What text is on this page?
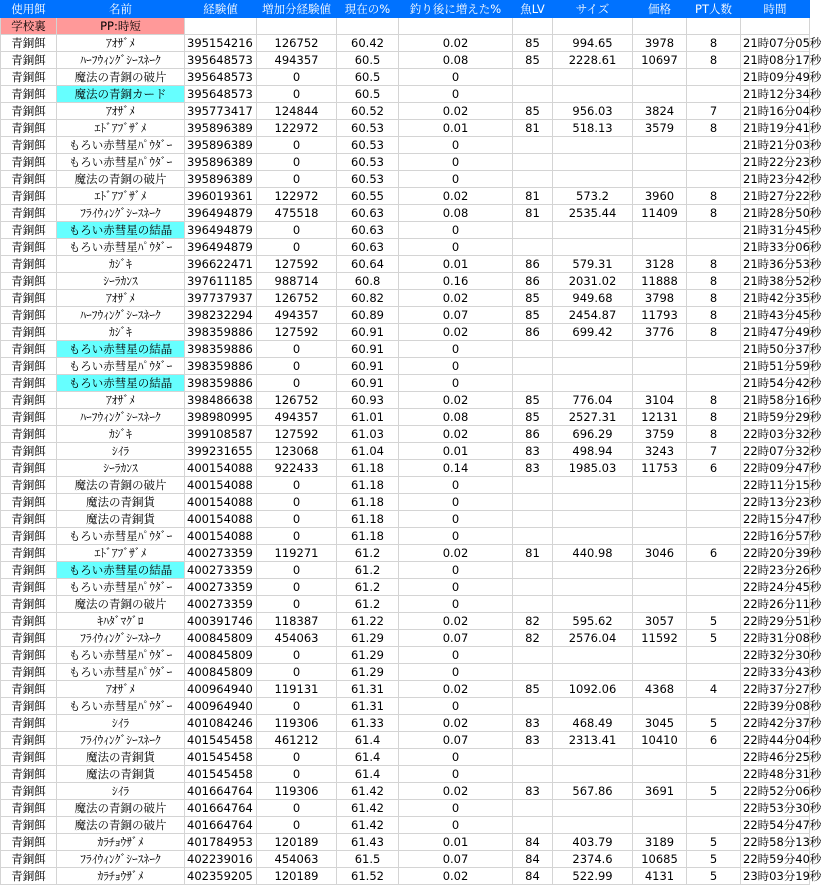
使用餌	名前	経験値	増加分経験値	現在の%	釣り後に増えた%	魚LV	サイズ	価格	PT人数	時間
学校裏	PP:時短									
青銅餌	ｱｵｻﾞﾒ	395154216	126752	60.42	0.02	85	994.65	3978	8	21時07分05秒
青銅餌	ﾊｰﾌｳｨﾝｸﾞｼｰｽﾈｰｸ	395648573	494357	60.5	0.08	85	2228.61	10697	8	21時08分17秒
青銅餌	魔法の青銅の破片	395648573	0	60.5	0					21時09分49秒
青銅餌	魔法の青銅カード	395648573	0	60.5	0					21時12分34秒
青銅餌	ｱｵｻﾞﾒ	395773417	124844	60.52	0.02	85	956.03	3824	7	21時16分04秒
青銅餌	ｴﾄﾞｱﾌﾞｻﾞﾒ	395896389	122972	60.53	0.01	81	518.13	3579	8	21時19分41秒
青銅餌	もろい赤彗星ﾊﾟｳﾀﾞｰ	395896389	0	60.53	0					21時21分03秒
青銅餌	もろい赤彗星ﾊﾟｳﾀﾞｰ	395896389	0	60.53	0					21時22分23秒
青銅餌	魔法の青銅の破片	395896389	0	60.53	0					21時23分42秒
青銅餌	ｴﾄﾞｱﾌﾞｻﾞﾒ	396019361	122972	60.55	0.02	81	573.2	3960	8	21時27分22秒
青銅餌	ﾌﾗｲｳｨﾝｸﾞｼｰｽﾈｰｸ	396494879	475518	60.63	0.08	81	2535.44	11409	8	21時28分50秒
青銅餌	もろい赤彗星の結晶	396494879	0	60.63	0					21時31分45秒
青銅餌	もろい赤彗星ﾊﾟｳﾀﾞｰ	396494879	0	60.63	0					21時33分06秒
青銅餌	ｶｼﾞｷ	396622471	127592	60.64	0.01	86	579.31	3128	8	21時36分53秒
青銅餌	ｼｰﾗｶﾝｽ	397611185	988714	60.8	0.16	86	2031.02	11888	8	21時38分52秒
青銅餌	ｱｵｻﾞﾒ	397737937	126752	60.82	0.02	85	949.68	3798	8	21時42分35秒
青銅餌	ﾊｰﾌｳｨﾝｸﾞｼｰｽﾈｰｸ	398232294	494357	60.89	0.07	85	2454.87	11793	8	21時43分45秒
青銅餌	ｶｼﾞｷ	398359886	127592	60.91	0.02	86	699.42	3776	8	21時47分49秒
青銅餌	もろい赤彗星の結晶	398359886	0	60.91	0					21時50分37秒
青銅餌	もろい赤彗星ﾊﾟｳﾀﾞｰ	398359886	0	60.91	0					21時51分59秒
青銅餌	もろい赤彗星の結晶	398359886	0	60.91	0					21時54分42秒
青銅餌	ｱｵｻﾞﾒ	398486638	126752	60.93	0.02	85	776.04	3104	8	21時58分16秒
青銅餌	ﾊｰﾌｳｨﾝｸﾞｼｰｽﾈｰｸ	398980995	494357	61.01	0.08	85	2527.31	12131	8	21時59分29秒
青銅餌	ｶｼﾞｷ	399108587	127592	61.03	0.02	86	696.29	3759	8	22時03分32秒
青銅餌	ｼｲﾗ	399231655	123068	61.04	0.01	83	498.94	3243	7	22時07分32秒
青銅餌	ｼｰﾗｶﾝｽ	400154088	922433	61.18	0.14	83	1985.03	11753	6	22時09分47秒
青銅餌	魔法の青銅の破片	400154088	0	61.18	0					22時11分15秒
青銅餌	魔法の青銅貨	400154088	0	61.18	0					22時13分23秒
青銅餌	魔法の青銅貨	400154088	0	61.18	0					22時15分47秒
青銅餌	もろい赤彗星ﾊﾟｳﾀﾞｰ	400154088	0	61.18	0					22時16分57秒
青銅餌	ｴﾄﾞｱﾌﾞｻﾞﾒ	400273359	119271	61.2	0.02	81	440.98	3046	6	22時20分39秒
青銅餌	もろい赤彗星の結晶	400273359	0	61.2	0					22時23分26秒
青銅餌	もろい赤彗星ﾊﾟｳﾀﾞｰ	400273359	0	61.2	0					22時24分45秒
青銅餌	魔法の青銅の破片	400273359	0	61.2	0					22時26分11秒
青銅餌	ｷﾊﾀﾞﾏｸﾞﾛ	400391746	118387	61.22	0.02	82	595.62	3057	5	22時29分51秒
青銅餌	ﾌﾗｲｳｨﾝｸﾞｼｰｽﾈｰｸ	400845809	454063	61.29	0.07	82	2576.04	11592	5	22時31分08秒
青銅餌	もろい赤彗星ﾊﾟｳﾀﾞｰ	400845809	0	61.29	0					22時32分30秒
青銅餌	もろい赤彗星ﾊﾟｳﾀﾞｰ	400845809	0	61.29	0					22時33分43秒
青銅餌	ｱｵｻﾞﾒ	400964940	119131	61.31	0.02	85	1092.06	4368	4	22時37分27秒
青銅餌	もろい赤彗星ﾊﾟｳﾀﾞｰ	400964940	0	61.31	0					22時39分08秒
青銅餌	ｼｲﾗ	401084246	119306	61.33	0.02	83	468.49	3045	5	22時42分37秒
青銅餌	ﾌﾗｲｳｨﾝｸﾞｼｰｽﾈｰｸ	401545458	461212	61.4	0.07	83	2313.41	10410	6	22時44分04秒
青銅餌	魔法の青銅貨	401545458	0	61.4	0					22時46分25秒
青銅餌	魔法の青銅貨	401545458	0	61.4	0					22時48分31秒
青銅餌	ｼｲﾗ	401664764	119306	61.42	0.02	83	567.86	3691	5	22時52分06秒
青銅餌	魔法の青銅の破片	401664764	0	61.42	0					22時53分30秒
青銅餌	魔法の青銅の破片	401664764	0	61.42	0					22時54分47秒
青銅餌	ｶﾗﾁｮｳｻﾞﾒ	401784953	120189	61.43	0.01	84	403.79	3189	5	22時58分13秒
青銅餌	ﾌﾗｲｳｨﾝｸﾞｼｰｽﾈｰｸ	402239016	454063	61.5	0.07	84	2374.6	10685	5	22時59分40秒
青銅餌	ｶﾗﾁｮｳｻﾞﾒ	402359205	120189	61.52	0.02	84	522.99	4131	5	23時03分19秒
